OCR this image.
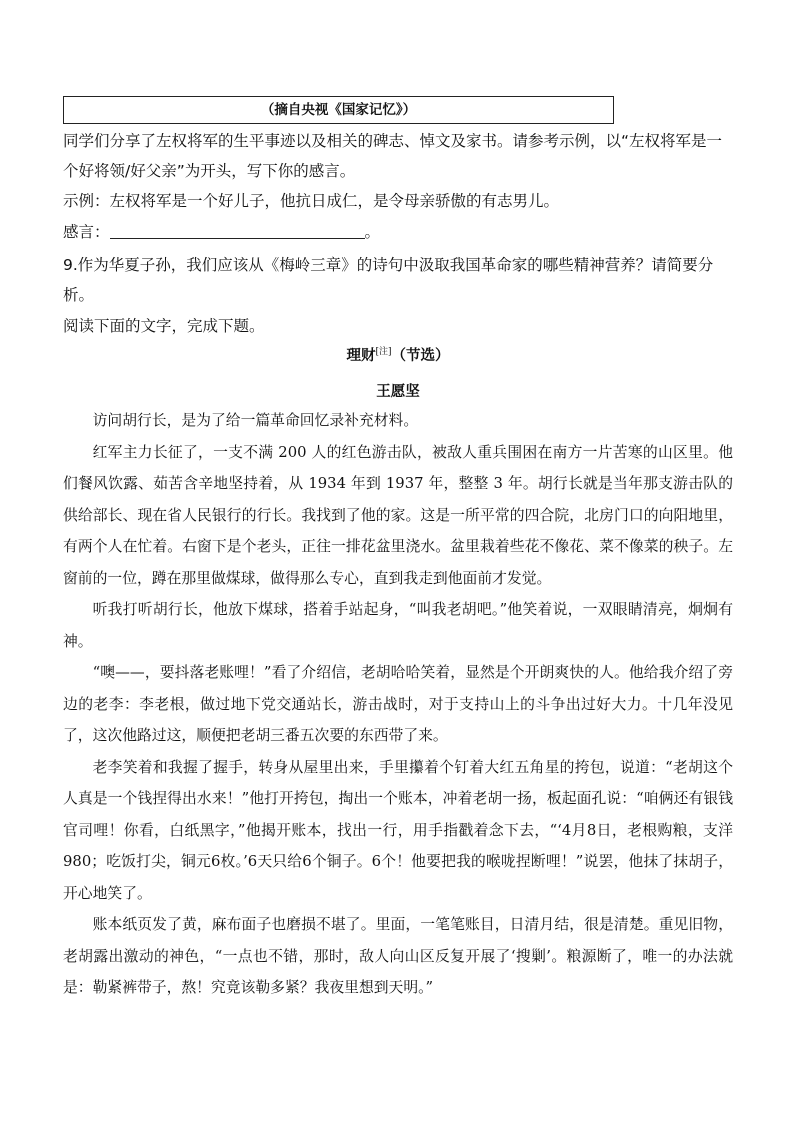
（摘自央视《国家记忆》）
同学们分享了左权将军的生平事迹以及相关的碑志、悼文及家书。请参考示例，以“左权将军是一个好将领/好父亲”为开头，写下你的感言。
示例：左权将军是一个好儿子，他抗日成仁，是令母亲骄傲的有志男儿。
感言：	。
9.作为华夏子孙，我们应该从《梅岭三章》的诗句中汲取我国革命家的哪些精神营养？请简要分析。
阅读下面的文字，完成下题。
理财[注]（节选）
王愿坚

访问胡行长，是为了给一篇革命回忆录补充材料。

红军主力长征了，一支不满 200 人的红色游击队，被敌人重兵围困在南方一片苦寒的山区里。他们餐风饮露、茹苦含辛地坚持着，从 1934 年到 1937 年，整整 3 年。胡行长就是当年那支游击队的供给部长、现在省人民银行的行长。我找到了他的家。这是一所平常的四合院，北房门口的向阳地里，有两个人在忙着。右窗下是个老头，正往一排花盆里浇水。盆里栽着些花不像花、菜不像菜的秧子。左窗前的一位，蹲在那里做煤球，做得那么专心，直到我走到他面前才发觉。

听我打听胡行长，他放下煤球，搭着手站起身，“叫我老胡吧。”他笑着说，一双眼睛清亮，炯炯有神。

“噢——，要抖落老账哩！”看了介绍信，老胡哈哈笑着，显然是个开朗爽快的人。他给我介绍了旁边的老李：李老根，做过地下党交通站长，游击战时，对于支持山上的斗争出过好大力。十几年没见了，这次他路过这，顺便把老胡三番五次要的东西带了来。

老李笑着和我握了握手，转身从屋里出来，手里攥着个钉着大红五角星的挎包，说道：“老胡这个人真是一个钱捏得出水来！”他打开挎包，掏出一个账本，冲着老胡一扬，板起面孔说：“咱俩还有银钱官司哩！你看，白纸黑字，”他揭开账本，找出一行，用手指戳着念下去，“‘4月8日，老根购粮，支洋980；吃饭打尖，铜元6枚。’6天只给6个铜子。6个！他要把我的喉咙捏断哩！”说罢，他抹了抹胡子，开心地笑了。

账本纸页发了黄，麻布面子也磨损不堪了。里面，一笔笔账目，日清月结，很是清楚。重见旧物，老胡露出激动的神色，“一点也不错，那时，敌人向山区反复开展了‘搜剿’。粮源断了，唯一的办法就是：勒紧裤带子，熬！究竟该勒多紧？我夜里想到天明。”
